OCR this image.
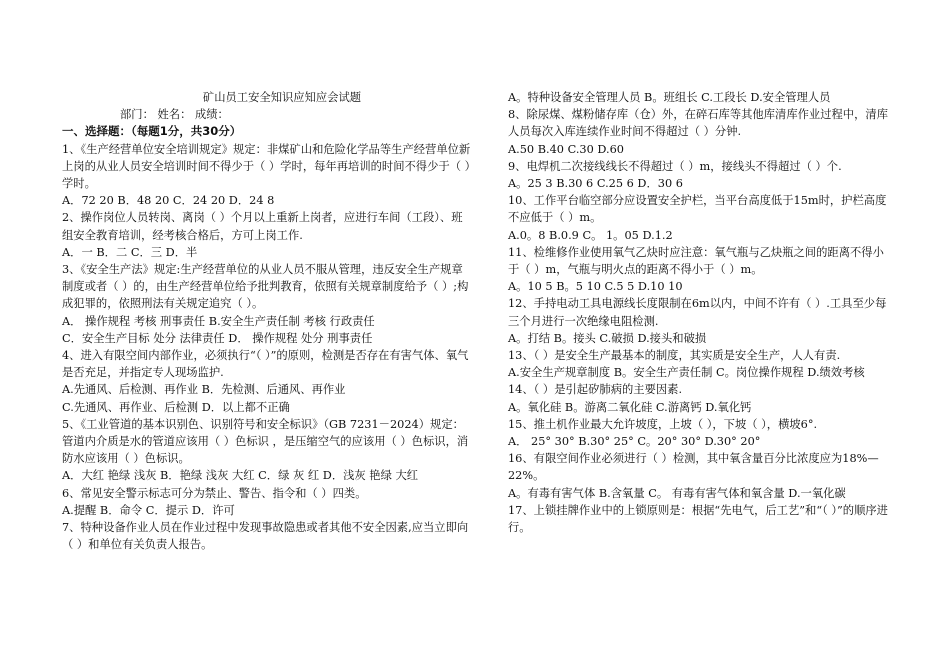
矿山员工安全知识应知应会试题

部门： 姓名： 成绩：

一、选择题：（每题1分，共30分）

1、《生产经营单位安全培训规定》规定：非煤矿山和危险化学品等生产经营单位新上岗的从业人员安全培训时间不得少于（ ）学时，每年再培训的时间不得少于（ ）学时。

A．72 20 B．48 20 C．24 20 D．24 8

2、操作岗位人员转岗、离岗（ ）个月以上重新上岗者，应进行车间（工段）、班组安全教育培训，经考核合格后，方可上岗工作.

A．一 B．二 C．三 D．半

3、《安全生产法》规定:生产经营单位的从业人员不服从管理，违反安全生产规章制度或者（ ）的，由生产经营单位给予批判教育，依照有关规章制度给予（ ）;构成犯罪的，依照刑法有关规定追究（ ）。

A． 操作规程 考核 刑事责任 B.安全生产责任制 考核 行政责任

C．安全生产目标 处分 法律责任 D． 操作规程 处分 刑事责任

4、进入有限空间内部作业，必须执行“（ ）”的原则，检测是否存在有害气体、氧气是否充足，并指定专人现场监护.

A.先通风、后检测、再作业 B．先检测、后通风、再作业

C.先通风、再作业、后检测 D．以上都不正确

5、《工业管道的基本识别色、识别符号和安全标识》（GB 7231－2024）规定：管道内介质是水的管道应该用（ ）色标识 ，是压缩空气的应该用（ ）色标识，消防水应该用（ ）色标识。

A．大红 艳绿 浅灰 B．艳绿 浅灰 大红 C．绿 灰 红 D．浅灰 艳绿 大红

6、常见安全警示标志可分为禁止、警告、指令和（ ）四类。

A.提醒 B．命令 C．提示 D．许可

7、特种设备作业人员在作业过程中发现事故隐患或者其他不安全因素,应当立即向（ ）和单位有关负责人报告。

A。特种设备安全管理人员 B。班组长 C.工段长 D.安全管理人员

8、除尿煤、煤粉储存库（仓）外，在碎石库等其他库清库作业过程中，清库人员每次入库连续作业时间不得超过（ ）分钟.

A.50 B.40 C.30 D.60

9、电焊机二次接线线长不得超过（ ）m，接线头不得超过（ ）个.

A。25 3 B.30 6 C.25 6 D．30 6

10、工作平台临空部分应设置安全护栏，当平台高度低于15m时，护栏高度不应低于（ ）m。

A.0。8 B.0.9 C。 1。05 D.1.2

11、检维修作业使用氧气乙炔时应注意：氧气瓶与乙炔瓶之间的距离不得小于（ ）m，气瓶与明火点的距离不得小于（ ）m。

A。10 5 B。5 10 C.5 5 D.10 10

12、手持电动工具电源线长度限制在6m以内，中间不许有（ ）.工具至少每三个月进行一次绝缘电阻检测.

A。打结 B。接头 C.破损 D.接头和破损

13、（ ）是安全生产最基本的制度，其实质是安全生产，人人有责.

A.安全生产规章制度 B。安全生产责任制 C。岗位操作规程 D.绩效考核

14、（ ）是引起矽肺病的主要因素.

A。氧化硅 B。游离二氧化硅 C.游离钙 D.氧化钙

15、推土机作业最大允许坡度，上坡（ ），下坡（ ），横坡6°.

A． 25° 30° B.30° 25° C。20° 30° D.30° 20°

16、有限空间作业必须进行（ ）检测，其中氧含量百分比浓度应为18%—22%。

A。有毒有害气体 B.含氧量 C。 有毒有害气体和氧含量 D.一氧化碳

17、上锁挂牌作业中的上锁原则是：根据“先电气，后工艺”和“（ ）”的顺序进行。
